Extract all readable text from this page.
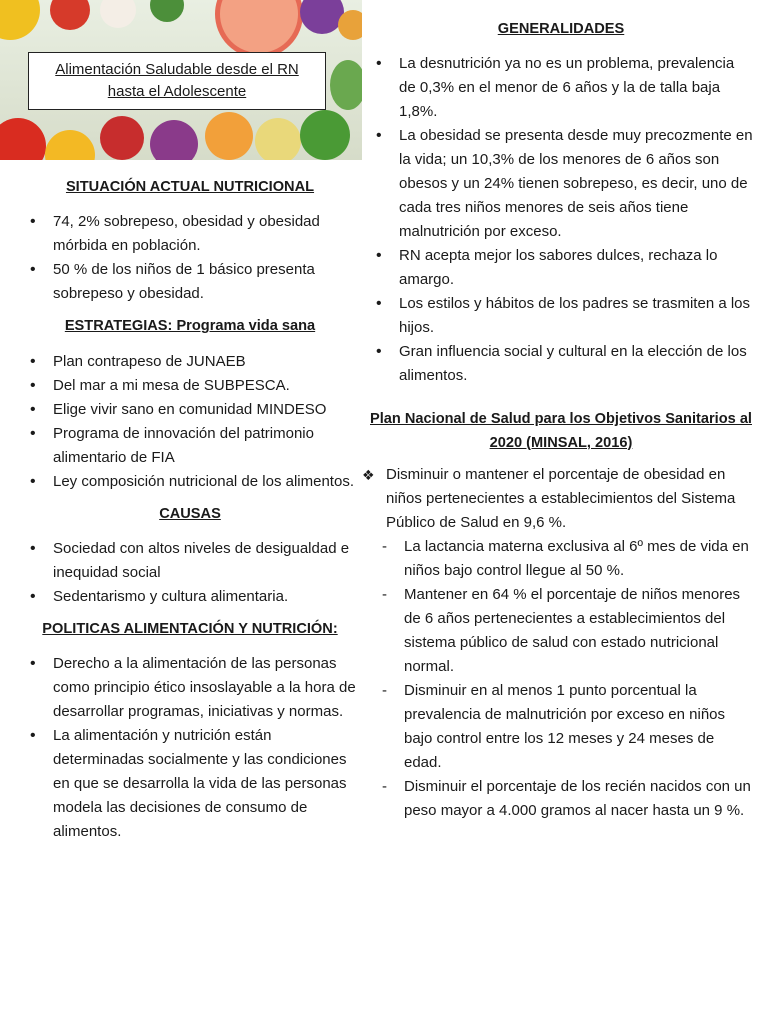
Alimentación Saludable desde el RN hasta el Adolescente
SITUACIÓN ACTUAL NUTRICIONAL
• 74, 2% sobrepeso, obesidad y obesidad mórbida en población.
• 50 % de los niños de 1 básico presenta sobrepeso y obesidad.
ESTRATEGIAS: Programa vida sana
• Plan contrapeso de JUNAEB
• Del mar a mi mesa de SUBPESCA.
• Elige vivir sano en comunidad MINDESO
• Programa de innovación del patrimonio alimentario de FIA
• Ley composición nutricional de los alimentos.
CAUSAS
• Sociedad con altos niveles de desigualdad e inequidad social
• Sedentarismo y cultura alimentaria.
POLITICAS ALIMENTACIÓN Y NUTRICIÓN:
• Derecho a la alimentación de las personas como principio ético insoslayable a la hora de desarrollar programas, iniciativas y normas.
• La alimentación y nutrición están determinadas socialmente y las condiciones en que se desarrolla la vida de las personas modela las decisiones de consumo de alimentos.
GENERALIDADES
• La desnutrición ya no es un problema, prevalencia de 0,3% en el menor de 6 años y la de talla baja 1,8%.
• La obesidad se presenta desde muy precozmente en la vida; un 10,3% de los menores de 6 años son obesos y un 24% tienen sobrepeso, es decir, uno de cada tres niños menores de seis años tiene malnutrición por exceso.
• RN acepta mejor los sabores dulces, rechaza lo amargo.
• Los estilos y hábitos de los padres se trasmiten a los hijos.
• Gran influencia social y cultural en la elección de los alimentos.
Plan Nacional de Salud para los Objetivos Sanitarios al 2020 (MINSAL, 2016)
❖ Disminuir o mantener el porcentaje de obesidad en niños pertenecientes a establecimientos del Sistema Público de Salud en 9,6 %.
- La lactancia materna exclusiva al 6º mes de vida en niños bajo control llegue al 50 %.
- Mantener en 64 % el porcentaje de niños menores de 6 años pertenecientes a establecimientos del sistema público de salud con estado nutricional normal.
- Disminuir en al menos 1 punto porcentual la prevalencia de malnutrición por exceso en niños bajo control entre los 12 meses y 24 meses de edad.
- Disminuir el porcentaje de los recién nacidos con un peso mayor a 4.000 gramos al nacer hasta un 9 %.
